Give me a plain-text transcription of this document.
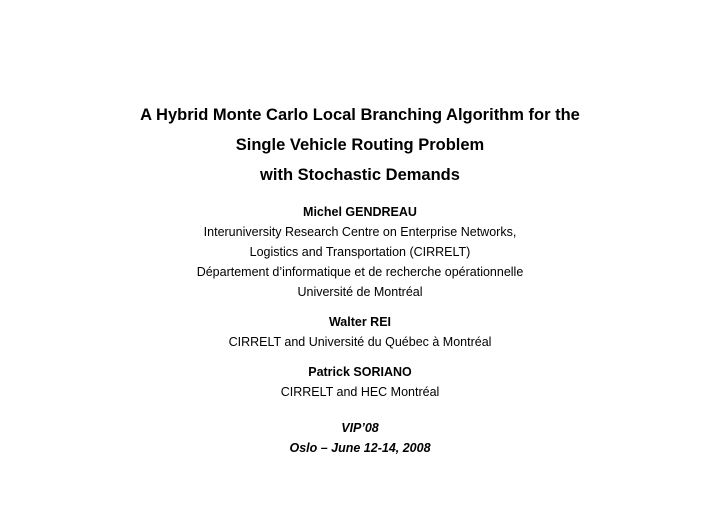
A Hybrid Monte Carlo Local Branching Algorithm for the
Single Vehicle Routing Problem
with Stochastic Demands
Michel GENDREAU
Interuniversity Research Centre on Enterprise Networks,
Logistics and Transportation (CIRRELT)
Département d’informatique et de recherche opérationnelle
Université de Montréal
Walter REI
CIRRELT and Université du Québec à Montréal
Patrick SORIANO
CIRRELT and HEC Montréal
VIP’08
Oslo – June 12-14, 2008
